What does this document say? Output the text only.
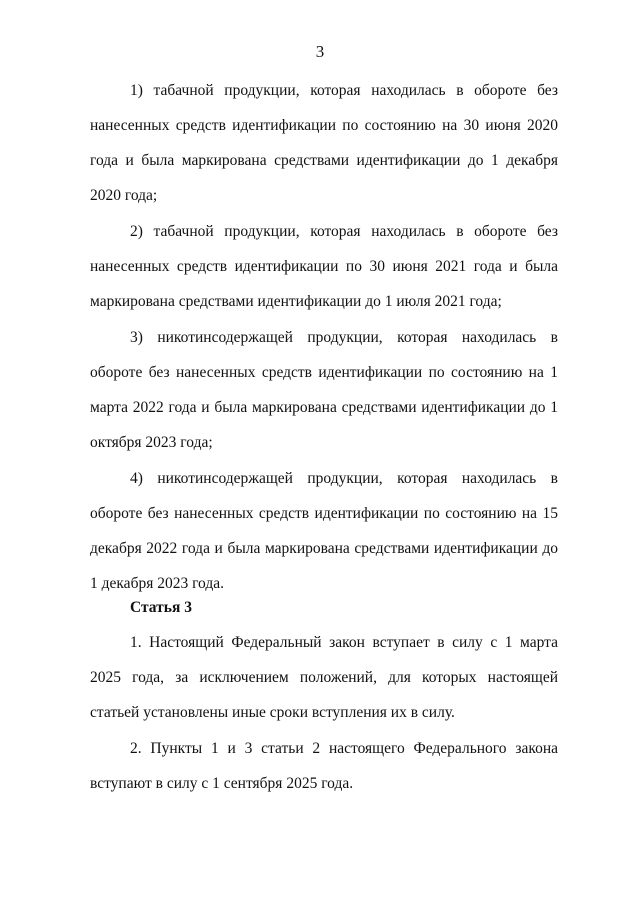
3

1) табачной продукции, которая находилась в обороте без нанесенных средств идентификации по состоянию на 30 июня 2020 года и была маркирована средствами идентификации до 1 декабря 2020 года;

2) табачной продукции, которая находилась в обороте без нанесенных средств идентификации по 30 июня 2021 года и была маркирована средствами идентификации до 1 июля 2021 года;

3) никотинсодержащей продукции, которая находилась в обороте без нанесенных средств идентификации по состоянию на 1 марта 2022 года и была маркирована средствами идентификации до 1 октября 2023 года;

4) никотинсодержащей продукции, которая находилась в обороте без нанесенных средств идентификации по состоянию на 15 декабря 2022 года и была маркирована средствами идентификации до 1 декабря 2023 года.

Статья 3

1. Настоящий Федеральный закон вступает в силу с 1 марта 2025 года, за исключением положений, для которых настоящей статьей установлены иные сроки вступления их в силу.

2. Пункты 1 и 3 статьи 2 настоящего Федерального закона вступают в силу с 1 сентября 2025 года.
